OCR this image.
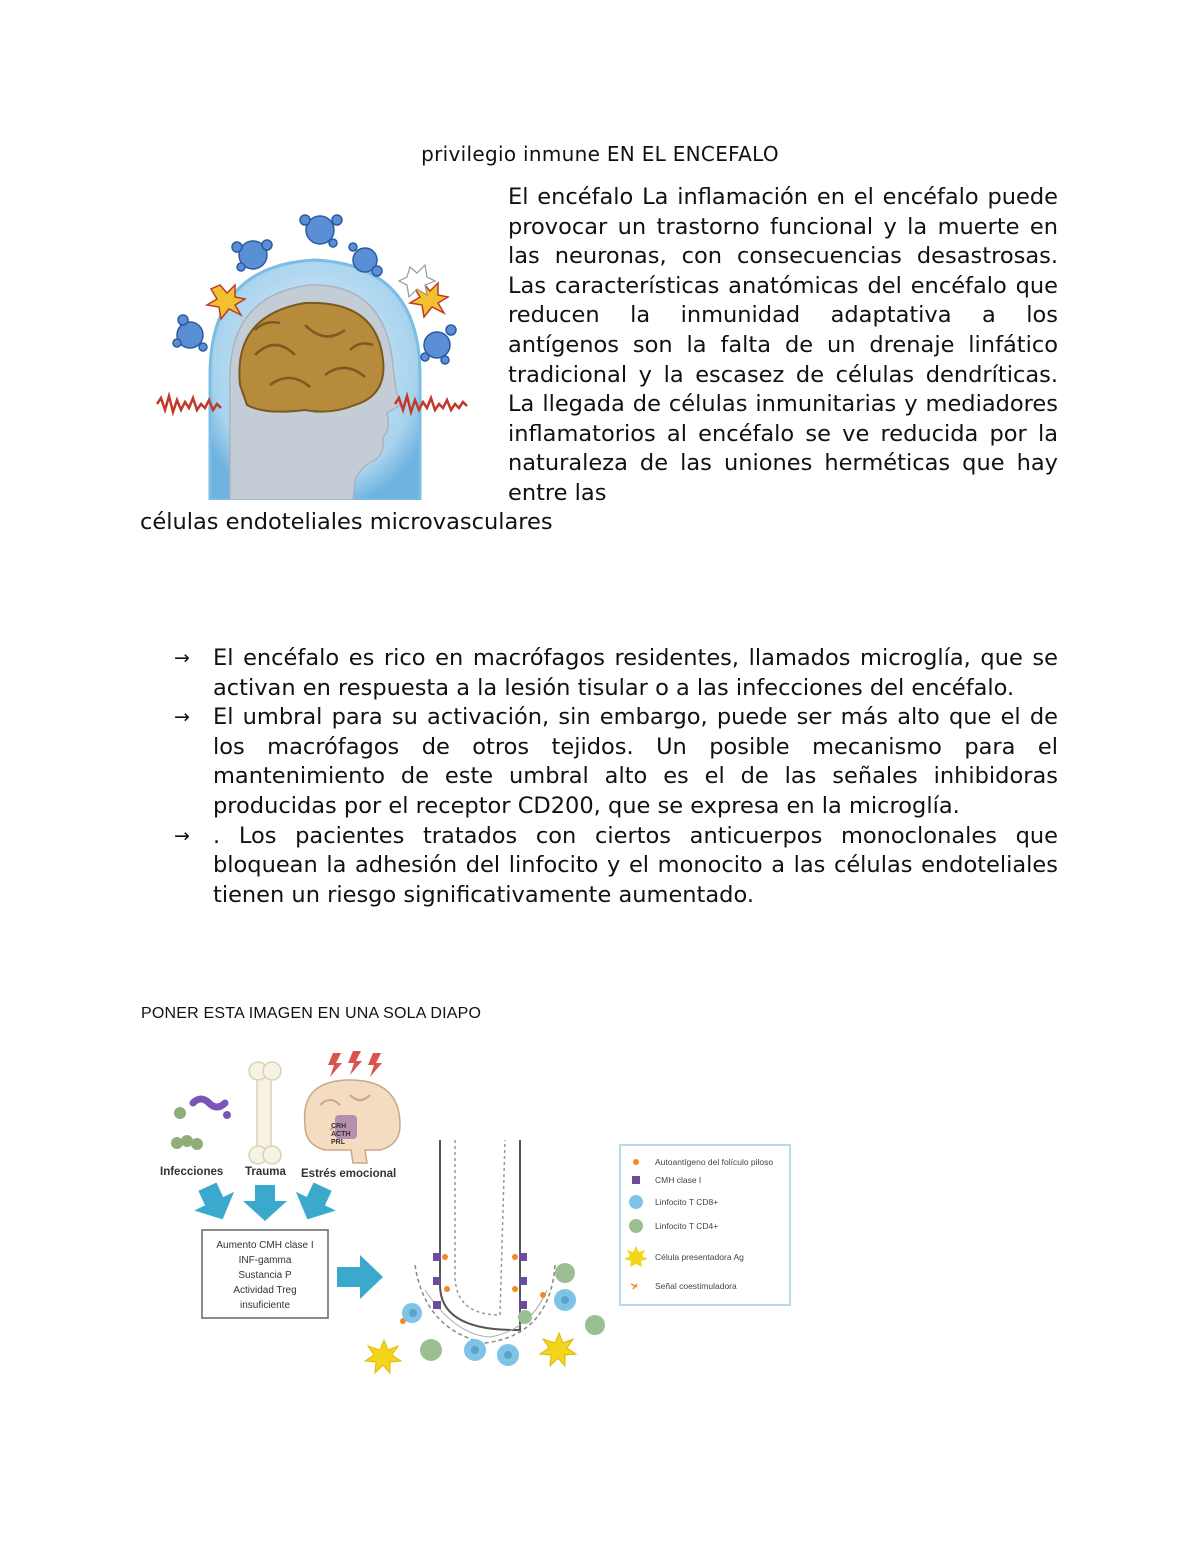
privilegio inmune EN EL ENCEFALO

El encéfalo La inflamación en el encéfalo puede provocar un trastorno funcional y la muerte en las neuronas, con consecuencias desastrosas. Las características anatómicas del encéfalo que reducen la inmunidad adaptativa a los antígenos son la falta de un drenaje linfático tradicional y la escasez de células dendríticas. La llegada de células inmunitarias y mediadores inflamatorios al encéfalo se ve reducida por la naturaleza de las uniones herméticas que hay entre las

células endoteliales microvasculares
→ El encéfalo es rico en macrófagos residentes, llamados microglía, que se activan en respuesta a la lesión tisular o a las infecciones del encéfalo.
→ El umbral para su activación, sin embargo, puede ser más alto que el de los macrófagos de otros tejidos. Un posible mecanismo para el mantenimiento de este umbral alto es el de las señales inhibidoras producidas por el receptor CD200, que se expresa en la microglía.
→ . Los pacientes tratados con ciertos anticuerpos monoclonales que bloquean la adhesión del linfocito y el monocito a las células endoteliales tienen un riesgo significativamente aumentado.
PONER ESTA IMAGEN EN UNA SOLA DIAPO
CRH
ACTH
PRL
Infecciones Trauma Estrés emocional
Aumento CMH clase I
INF-gamma
Sustancia P
Actividad Treg
insuficiente
Autoantígeno del folículo piloso
CMH clase I
Linfocito T CD8+
Linfocito T CD4+
Célula presentadora Ag
Señal coestimuladora
